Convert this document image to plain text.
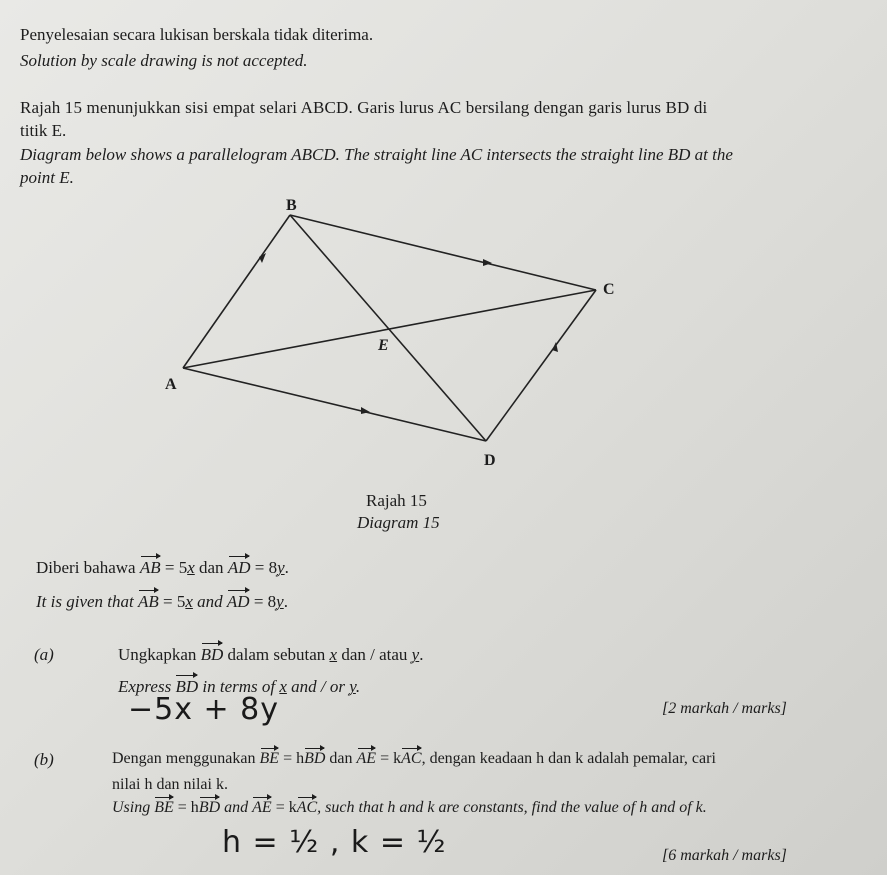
Penyelesaian secara lukisan berskala tidak diterima.
Solution by scale drawing is not accepted.
Rajah 15 menunjukkan sisi empat selari ABCD. Garis lurus AC bersilang dengan garis lurus BD di
titik E.
Diagram below shows a parallelogram ABCD. The straight line AC intersects the straight line BD at the
point E.
B
C
E
A
D
Rajah 15
Diagram 15
Diberi bahawa AB = 5x dan AD = 8y.
It is given that AB = 5x and AD = 8y.
(a)	Ungkapkan BD dalam sebutan x dan / atau y.
Express BD in terms of x and / or y.
−5x + 8y	[2 markah / marks]
(b)	Dengan menggunakan BE = hBD dan AE = kAC, dengan keadaan h dan k adalah pemalar, cari
nilai h dan nilai k.
Using BE = hBD and AE = kAC, such that h and k are constants, find the value of h and of k.
h = ½ , k = ½	[6 markah / marks]
